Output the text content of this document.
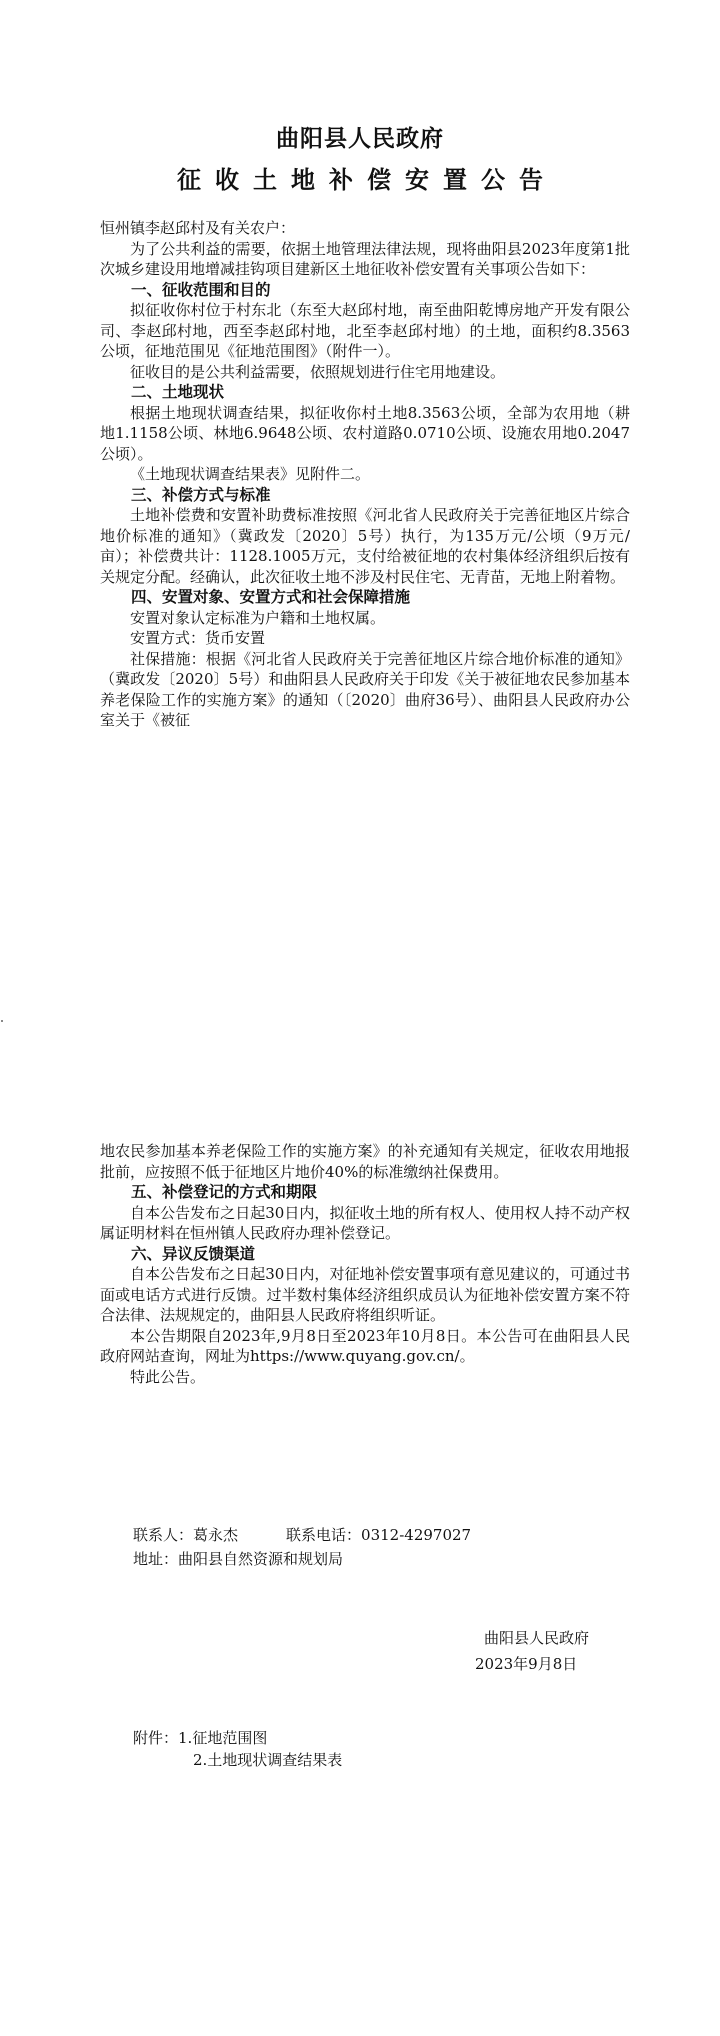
曲阳县人民政府
征收土地补偿安置公告

恒州镇李赵邱村及有关农户：

为了公共利益的需要，依据土地管理法律法规，现将曲阳县2023年度第1批次城乡建设用地增减挂钩项目建新区土地征收补偿安置有关事项公告如下：

一、征收范围和目的

拟征收你村位于村东北（东至大赵邱村地，南至曲阳乾博房地产开发有限公司、李赵邱村地，西至李赵邱村地，北至李赵邱村地）的土地，面积约8.3563公顷，征地范围见《征地范围图》（附件一）。

征收目的是公共利益需要，依照规划进行住宅用地建设。

二、土地现状

根据土地现状调查结果，拟征收你村土地8.3563公顷，全部为农用地（耕地1.1158公顷、林地6.9648公顷、农村道路0.0710公顷、设施农用地0.2047公顷）。

《土地现状调查结果表》见附件二。

三、补偿方式与标准

土地补偿费和安置补助费标准按照《河北省人民政府关于完善征地区片综合地价标准的通知》（冀政发〔2020〕5号）执行，为135万元/公顷（9万元/亩）；补偿费共计：1128.1005万元，支付给被征地的农村集体经济组织后按有关规定分配。经确认，此次征收土地不涉及村民住宅、无青苗，无地上附着物。

四、安置对象、安置方式和社会保障措施

安置对象认定标准为户籍和土地权属。

安置方式：货币安置

社保措施：根据《河北省人民政府关于完善征地区片综合地价标准的通知》（冀政发〔2020〕5号）和曲阳县人民政府关于印发《关于被征地农民参加基本养老保险工作的实施方案》的通知（〔2020〕曲府36号）、曲阳县人民政府办公室关于《被征

地农民参加基本养老保险工作的实施方案》的补充通知有关规定，征收农用地报批前，应按照不低于征地区片地价40%的标准缴纳社保费用。

五、补偿登记的方式和期限

自本公告发布之日起30日内，拟征收土地的所有权人、使用权人持不动产权属证明材料在恒州镇人民政府办理补偿登记。

六、异议反馈渠道

自本公告发布之日起30日内，对征地补偿安置事项有意见建议的，可通过书面或电话方式进行反馈。过半数村集体经济组织成员认为征地补偿安置方案不符合法律、法规规定的，曲阳县人民政府将组织听证。

本公告期限自2023年,9月8日至2023年10月8日。本公告可在曲阳县人民政府网站查询，网址为https://www.quyang.gov.cn/。

特此公告。

联系人：葛永杰	联系电话：0312-4297027
地址：曲阳县自然资源和规划局
曲阳县人民政府
2023年9月8日
附件：1.征地范围图
2.土地现状调查结果表
